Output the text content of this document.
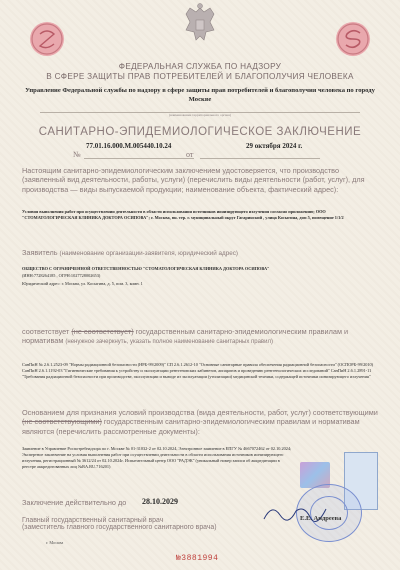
ФЕДЕРАЛЬНАЯ СЛУЖБА ПО НАДЗОРУ
В СФЕРЕ ЗАЩИТЫ ПРАВ ПОТРЕБИТЕЛЕЙ И БЛАГОПОЛУЧИЯ ЧЕЛОВЕКА
Управление Федеральной службы по надзору в сфере защиты прав потребителей и благополучия человека по городу Москве
(наименование территориального органа)
САНИТАРНО-ЭПИДЕМИОЛОГИЧЕСКОЕ ЗАКЛЮЧЕНИЕ
77.01.16.000.М.005440.10.24
№
29 октября 2024 г.
от
Настоящим санитарно-эпидемиологическим заключением удостоверяется, что производство (заявленный вид деятельности, работы, услуги) (перечислить виды деятельности (работ, услуг), для производства — виды выпускаемой продукции; наименование объекта, фактический адрес):
Условия выполнения работ при осуществлении деятельности в области использования источников ионизирующего излучения согласно приложению; ООО "СТОМАТОЛОГИЧЕСКАЯ КЛИНИКА ДОКТОРА ОСИПОВА"; г. Москва, вн. тер. г. муниципальный округ Гагаринский , улица Косыгина, дом 5, помещение 1/1/2
Заявитель (наименование организации-заявителя, юридический адрес)
ОБЩЕСТВО С ОГРАНИЧЕННОЙ ОТВЕТСТВЕННОСТЬЮ "СТОМАТОЛОГИЧЕСКАЯ КЛИНИКА ДОКТОРА ОСИПОВА"
(ИНН:7728264185 , ОГРН:1027728002653)
Юридический адрес: г. Москва, ул. Косыгина, д. 5, пом. 3, комн. 1
соответствует (не соответствует) государственным санитарно-эпидемиологическим правилам и нормативам (ненужное зачеркнуть, указать полное наименование санитарных правил)
СанПиН № 2.6.1.2523-09 "Нормы радиационной безопасности (НРБ-99/2009)" СП 2.6.1.2612-10 "Основные санитарные правила обеспечения радиационной безопасности" (ОСПОРБ-99/2010) СанПиН 2.6.1.1192-03 "Гигиенические требования к устройству и эксплуатации рентгеновских кабинетов, аппаратов и проведению рентгенологических исследований" СанПиН 2.6.1.2891-11 "Требования радиационной безопасности при производстве, эксплуатации и выводе из эксплуатации (утилизации) медицинской техники, содержащей источники ионизирующего излучения"
Основанием для признания условий производства (вида деятельности, работ, услуг) соответствующими (не соответствующими) государственным санитарно-эпидемиологическим правилам и нормативам являются (перечислить рассмотренные документы):
Заявление в Управление Роспотребнадзора по г. Москве № 01-31032-2 от 02.10.2024, Электронное заявление в ЕПГУ № 4667072462 от 02.10.2024; Экспертное заключение на условия выполнения работ при осуществлении деятельности в области использования источников ионизирующего излучения, регистрационный № 3612/24 от 02.10.2024г. Испытательный центр ООО "РАДЭК" (уникальный номер записи об аккредитации в реестре аккредитованных лиц №RA.RU.716201)
Заключение действительно до 28.10.2029
Главный государственный санитарный врач
(заместитель главного государственного санитарного врача)
г. Москва
Е.Е. Андреева
№3881994
